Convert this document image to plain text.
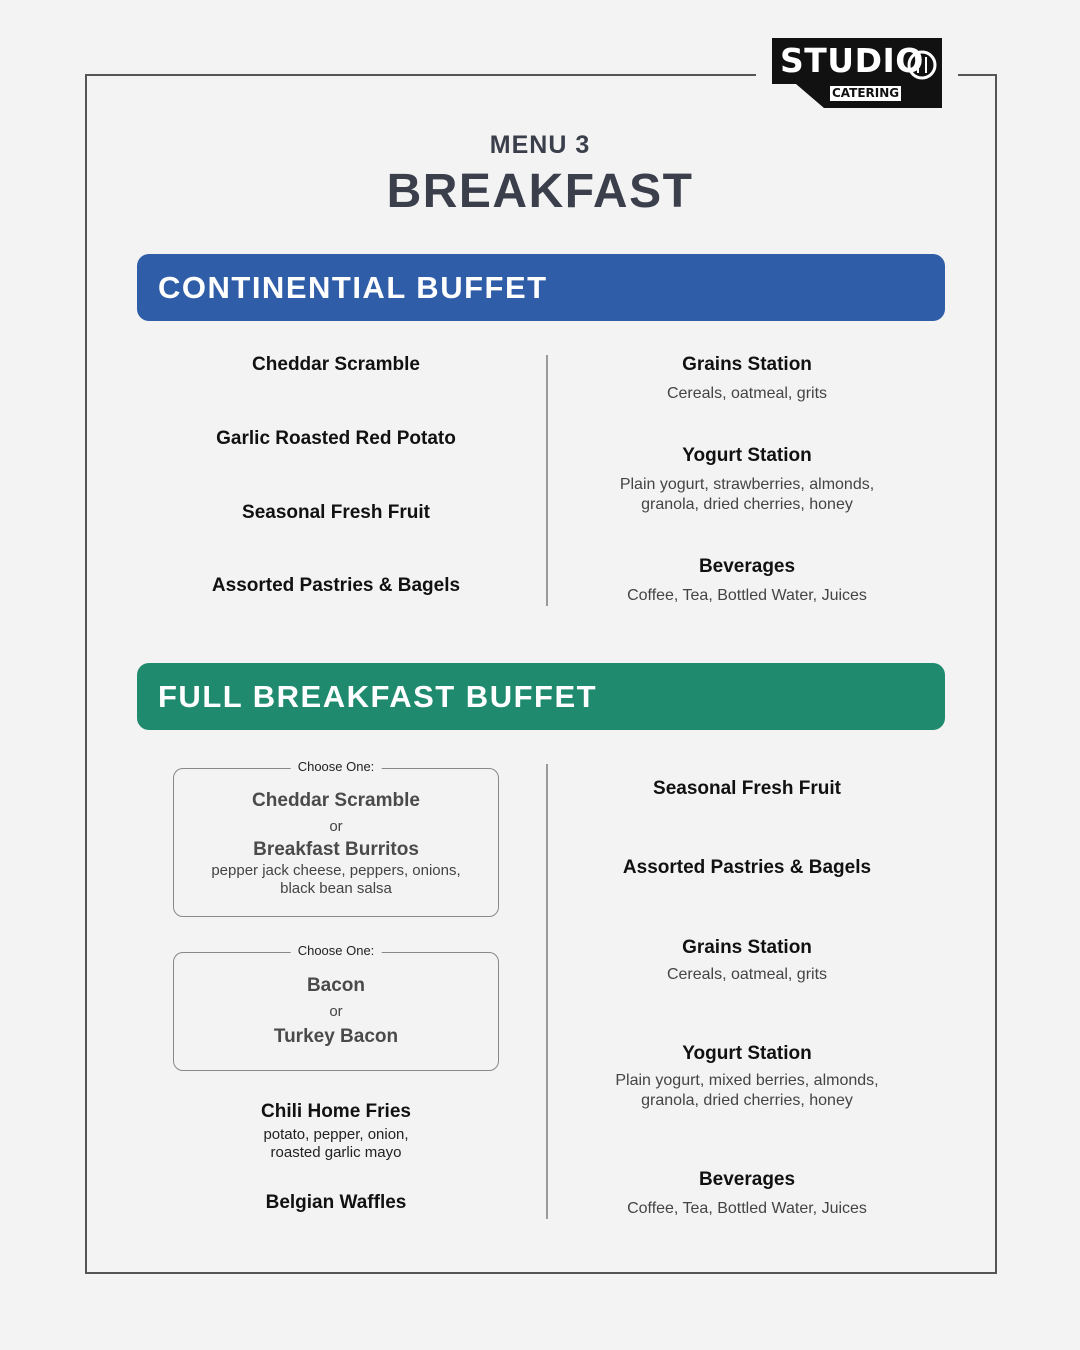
STUDIO
CATERING
MENU 3
BREAKFAST
CONTINENTIAL BUFFET
Cheddar Scramble
Garlic Roasted Red Potato
Seasonal Fresh Fruit
Assorted Pastries & Bagels
Grains Station
Cereals, oatmeal, grits
Yogurt Station
Plain yogurt, strawberries, almonds,
granola, dried cherries, honey
Beverages
Coffee, Tea, Bottled Water, Juices
FULL BREAKFAST BUFFET
Choose One:
Cheddar Scramble
or
Breakfast Burritos
pepper jack cheese, peppers, onions,
black bean salsa
Choose One:
Bacon
or
Turkey Bacon
Chili Home Fries
potato, pepper, onion,
roasted garlic mayo
Belgian Waffles
Seasonal Fresh Fruit
Assorted Pastries & Bagels
Grains Station
Cereals, oatmeal, grits
Yogurt Station
Plain yogurt, mixed berries, almonds,
granola, dried cherries, honey
Beverages
Coffee, Tea, Bottled Water, Juices
